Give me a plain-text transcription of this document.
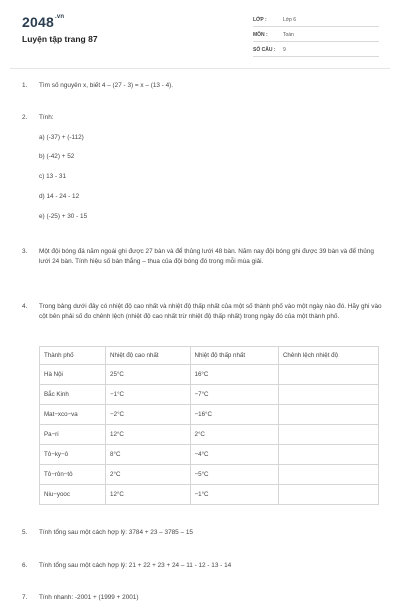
$2048^{.vn}$
Luyện tập trang 87
LỚP :	Lớp 6
MÔN :	Toán
SỐ CÂU :	9
1. Tìm số nguyên x, biết 4 – (27 - 3) = x – (13 - 4).
2. Tính:
a) (-37) + (-112)
b) (-42) + 52
c) 13 - 31
d) 14 - 24 - 12
e) (-25) + 30 - 15
3. Một đội bóng đá năm ngoái ghi được 27 bàn và để thủng lưới 48 bàn. Năm nay đội bóng ghi được 39 bàn và để thủng lưới 24 bàn. Tính hiệu số bàn thắng – thua của đội bóng đó trong mỗi mùa giải.
4. Trong bảng dưới đây có nhiệt độ cao nhất và nhiệt độ thấp nhất của một số thành phố vào một ngày nào đó. Hãy ghi vào cột bên phải số đo chênh lệch (nhiệt độ cao nhất trừ nhiệt độ thấp nhất) trong ngày đó của một thành phố.
Thành phố	Nhiệt độ cao nhất	Nhiệt độ thấp nhất	Chênh lệch nhiệt độ
Hà Nội	25°C	16°C	
Bắc Kinh	−1°C	−7°C	
Mat−xco−va	−2°C	−16°C	
Pa−ri	12°C	2°C	
Tô−ky−ô	8°C	−4°C	
Tô−rôn−tô	2°C	−5°C	
Niu−yooc	12°C	−1°C	
5. Tính tổng sau một cách hợp lý: 3784 + 23 – 3785 – 15
6. Tính tổng sau một cách hợp lý: 21 + 22 + 23 + 24 – 11 - 12 - 13 - 14
7. Tính nhanh: -2001 + (1999 + 2001)
